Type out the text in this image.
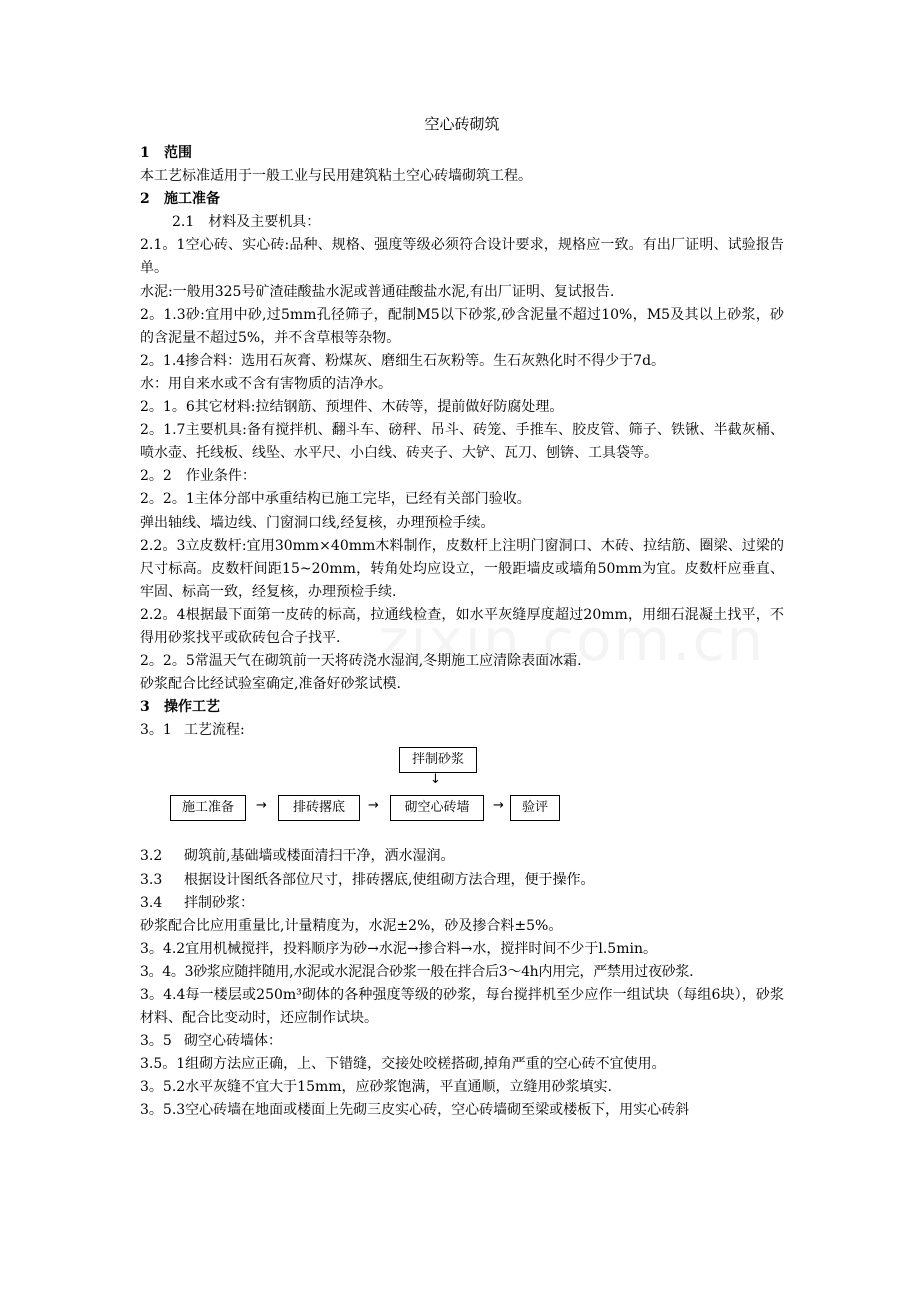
空心砖砌筑
1 范围
本工艺标准适用于一般工业与民用建筑粘土空心砖墙砌筑工程。
2 施工准备
2.1　材料及主要机具：
2.1。1空心砖、实心砖:品种、规格、强度等级必须符合设计要求，规格应一致。有出厂证明、试验报告单。
水泥:一般用325号矿渣硅酸盐水泥或普通硅酸盐水泥,有出厂证明、复试报告.
2。1.3砂:宜用中砂,过5mm孔径筛子，配制M5以下砂浆,砂含泥量不超过10%，M5及其以上砂浆，砂的含泥量不超过5%，并不含草根等杂物。
2。1.4掺合料：选用石灰膏、粉煤灰、磨细生石灰粉等。生石灰熟化时不得少于7d。
水：用自来水或不含有害物质的洁净水。
2。1。6其它材料:拉结钢筋、预埋件、木砖等，提前做好防腐处理。
2。1.7主要机具:备有搅拌机、翻斗车、磅秤、吊斗、砖笼、手推车、胶皮管、筛子、铁锹、半截灰桶、喷水壶、托线板、线坠、水平尺、小白线、砖夹子、大铲、瓦刀、刨锛、工具袋等。
2。2　作业条件：
2。2。1主体分部中承重结构已施工完毕，已经有关部门验收。
弹出轴线、墙边线、门窗洞口线,经复核，办理预检手续。
2.2。3立皮数杆:宜用30mm×40mm木料制作，皮数杆上注明门窗洞口、木砖、拉结筋、圈梁、过梁的尺寸标高。皮数杆间距15~20mm，转角处均应设立，一般距墙皮或墙角50mm为宜。皮数杆应垂直、牢固、标高一致，经复核，办理预检手续.
2.2。4根据最下面第一皮砖的标高，拉通线检查，如水平灰缝厚度超过20mm，用细石混凝土找平，不得用砂浆找平或砍砖包合子找平.
2。2。5常温天气在砌筑前一天将砖浇水湿润,冬期施工应清除表面冰霜.
砂浆配合比经试验室确定,准备好砂浆试模.
3 操作工艺
3。1 工艺流程:
拌制砂浆
↓
施工准备	→	排砖撂底	→	砌空心砖墙	→	验评
3.2 砌筑前,基础墙或楼面清扫干净，洒水湿润。
3.3 根据设计图纸各部位尺寸，排砖撂底,使组砌方法合理，便于操作。
3.4 拌制砂浆：
砂浆配合比应用重量比,计量精度为，水泥±2%，砂及掺合料±5%。
3。4.2宜用机械搅拌，投料顺序为砂→水泥→掺合料→水，搅拌时间不少于l.5min。
3。4。3砂浆应随拌随用,水泥或水泥混合砂浆一般在拌合后3～4h内用完，严禁用过夜砂浆.
3。4.4每一楼层或250m³砌体的各种强度等级的砂浆，每台搅拌机至少应作一组试块（每组6块），砂浆材料、配合比变动时，还应制作试块。
3。5 砌空心砖墙体：
3.5。1组砌方法应正确，上、下错缝，交接处咬槎搭砌,掉角严重的空心砖不宜使用。
3。5.2水平灰缝不宜大于15mm，应砂浆饱满，平直通顺，立缝用砂浆填实.
3。5.3空心砖墙在地面或楼面上先砌三皮实心砖，空心砖墙砌至梁或楼板下，用实心砖斜
